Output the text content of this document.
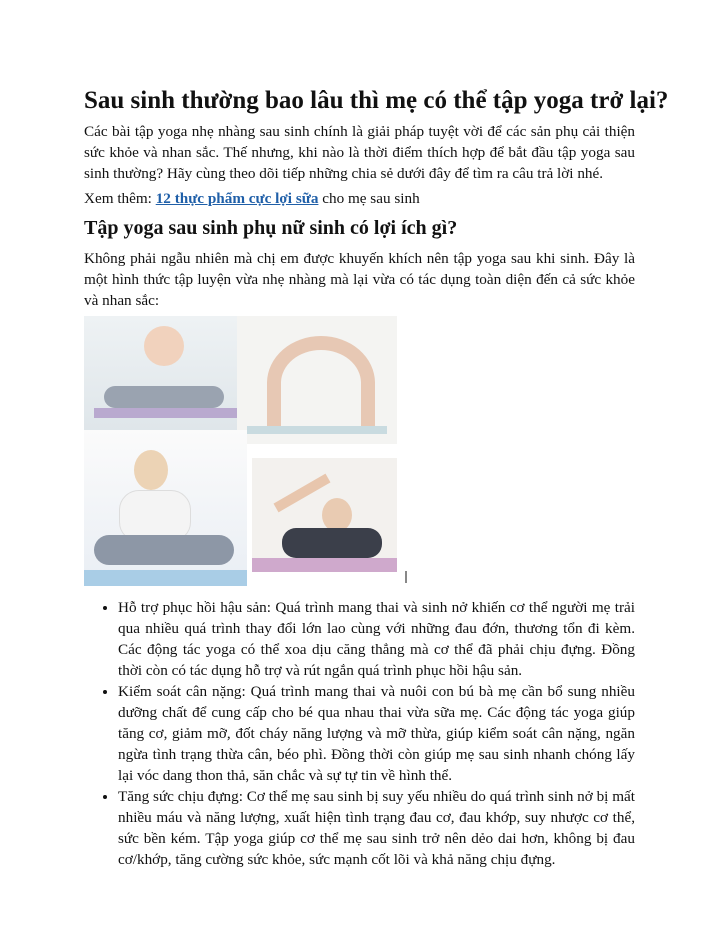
Sau sinh thường bao lâu thì mẹ có thể tập yoga trở lại?

Các bài tập yoga nhẹ nhàng sau sinh chính là giải pháp tuyệt vời để các sản phụ cải thiện sức khỏe và nhan sắc. Thế nhưng, khi nào là thời điểm thích hợp để bắt đầu tập yoga sau sinh thường? Hãy cùng theo dõi tiếp những chia sẻ dưới đây để tìm ra câu trả lời nhé.

Xem thêm: 12 thực phẩm cực lợi sữa cho mẹ sau sinh

Tập yoga sau sinh phụ nữ sinh có lợi ích gì?

Không phải ngẫu nhiên mà chị em được khuyến khích nên tập yoga sau khi sinh. Đây là một hình thức tập luyện vừa nhẹ nhàng mà lại vừa có tác dụng toàn diện đến cả sức khỏe và nhan sắc:

• Hỗ trợ phục hồi hậu sản: Quá trình mang thai và sinh nở khiến cơ thể người mẹ trải qua nhiều quá trình thay đổi lớn lao cùng với những đau đớn, thương tổn đi kèm. Các động tác yoga có thể xoa dịu căng thẳng mà cơ thể đã phải chịu đựng. Đồng thời còn có tác dụng hỗ trợ và rút ngắn quá trình phục hồi hậu sản.
• Kiểm soát cân nặng: Quá trình mang thai và nuôi con bú bà mẹ cần bổ sung nhiều dưỡng chất để cung cấp cho bé qua nhau thai vừa sữa mẹ. Các động tác yoga giúp tăng cơ, giảm mỡ, đốt cháy năng lượng và mỡ thừa, giúp kiểm soát cân nặng, ngăn ngừa tình trạng thừa cân, béo phì. Đồng thời còn giúp mẹ sau sinh nhanh chóng lấy lại vóc dang thon thả, săn chắc và sự tự tin về hình thể.
• Tăng sức chịu đựng: Cơ thể mẹ sau sinh bị suy yếu nhiều do quá trình sinh nở bị mất nhiều máu và năng lượng, xuất hiện tình trạng đau cơ, đau khớp, suy nhược cơ thể, sức bền kém. Tập yoga giúp cơ thể mẹ sau sinh trở nên dẻo dai hơn, không bị đau cơ/khớp, tăng cường sức khỏe, sức mạnh cốt lõi và khả năng chịu đựng.
